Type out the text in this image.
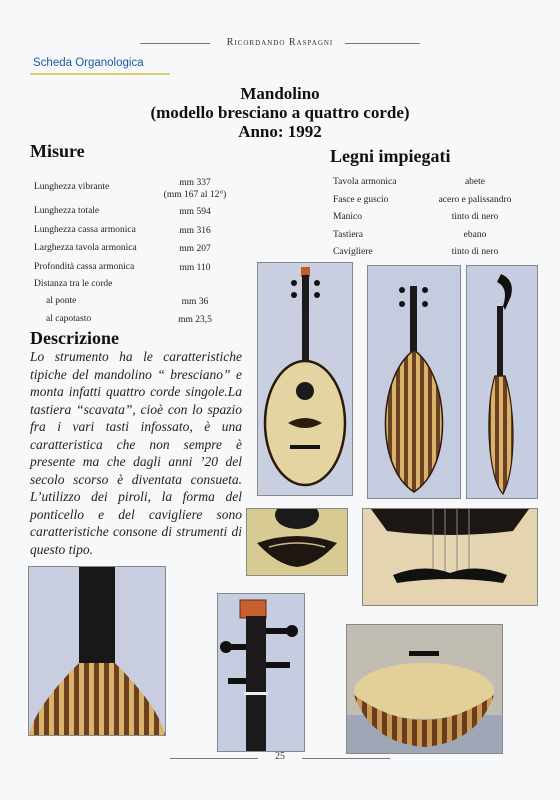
Ricordando Raspagni
Scheda Organologica
Mandolino
(modello bresciano a quattro corde)
Anno: 1992
Misure
Lunghezza vibrante	mm 337
(mm 167 al 12°)
Lunghezza totale	mm 594
Lunghezza cassa armonica	mm 316
Larghezza tavola armonica	mm 207
Profondità cassa armonica	mm 110
Distanza tra le corde
al ponte	mm 36
al capotasto	mm 23,5
Legni impiegati
Tavola armonica	abete
Fasce e guscio	acero e palissandro
Manico	tinto di nero
Tastiera	ebano
Cavigliere	tinto di nero
Descrizione
Lo strumento ha le caratteristiche tipiche del mandolino “ bresciano” e monta infatti quattro corde singole.La tastiera “scavata”, cioè con lo spazio fra i vari tasti infossato, è una caratteristica che non sempre è presente ma che dagli anni ’20 del secolo scorso è diventata consueta. L’utilizzo dei piroli, la forma del ponticello e del cavigliere sono caratteristiche consone di strumenti di questo tipo.
25
